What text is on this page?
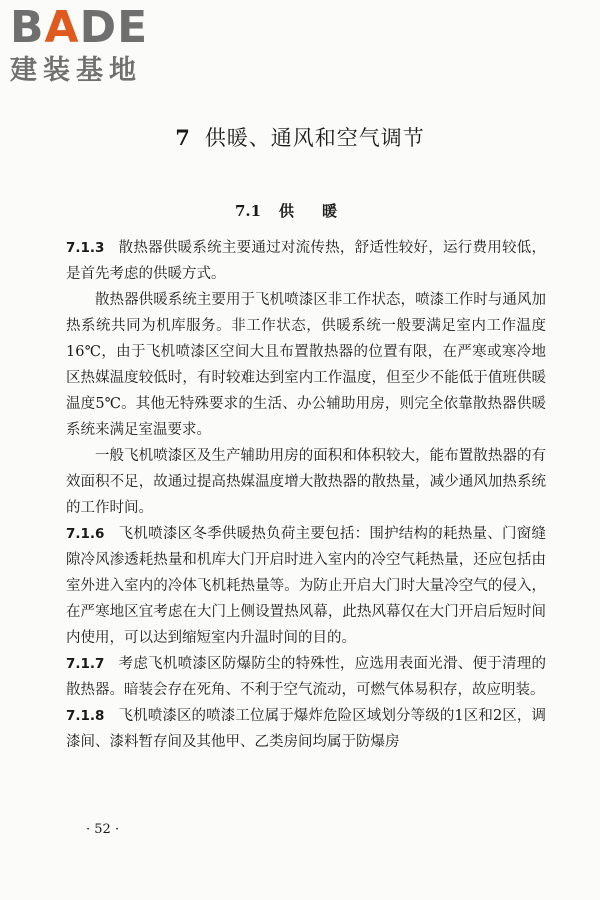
BADE
建装基地
7 供暖、通风和空气调节
7.1 供暖

7.1.3 散热器供暖系统主要通过对流传热，舒适性较好，运行费用较低，是首先考虑的供暖方式。

散热器供暖系统主要用于飞机喷漆区非工作状态，喷漆工作时与通风加热系统共同为机库服务。非工作状态，供暖系统一般要满足室内工作温度16℃，由于飞机喷漆区空间大且布置散热器的位置有限，在严寒或寒冷地区热媒温度较低时，有时较难达到室内工作温度，但至少不能低于值班供暖温度5℃。其他无特殊要求的生活、办公辅助用房，则完全依靠散热器供暖系统来满足室温要求。

一般飞机喷漆区及生产辅助用房的面积和体积较大，能布置散热器的有效面积不足，故通过提高热媒温度增大散热器的散热量，减少通风加热系统的工作时间。

7.1.6 飞机喷漆区冬季供暖热负荷主要包括：围护结构的耗热量、门窗缝隙冷风渗透耗热量和机库大门开启时进入室内的冷空气耗热量，还应包括由室外进入室内的冷体飞机耗热量等。为防止开启大门时大量冷空气的侵入，在严寒地区宜考虑在大门上侧设置热风幕，此热风幕仅在大门开启后短时间内使用，可以达到缩短室内升温时间的目的。

7.1.7 考虑飞机喷漆区防爆防尘的特殊性，应选用表面光滑、便于清理的散热器。暗装会存在死角、不利于空气流动，可燃气体易积存，故应明装。

7.1.8 飞机喷漆区的喷漆工位属于爆炸危险区域划分等级的1区和2区，调漆间、漆料暂存间及其他甲、乙类房间均属于防爆房

· 52 ·
